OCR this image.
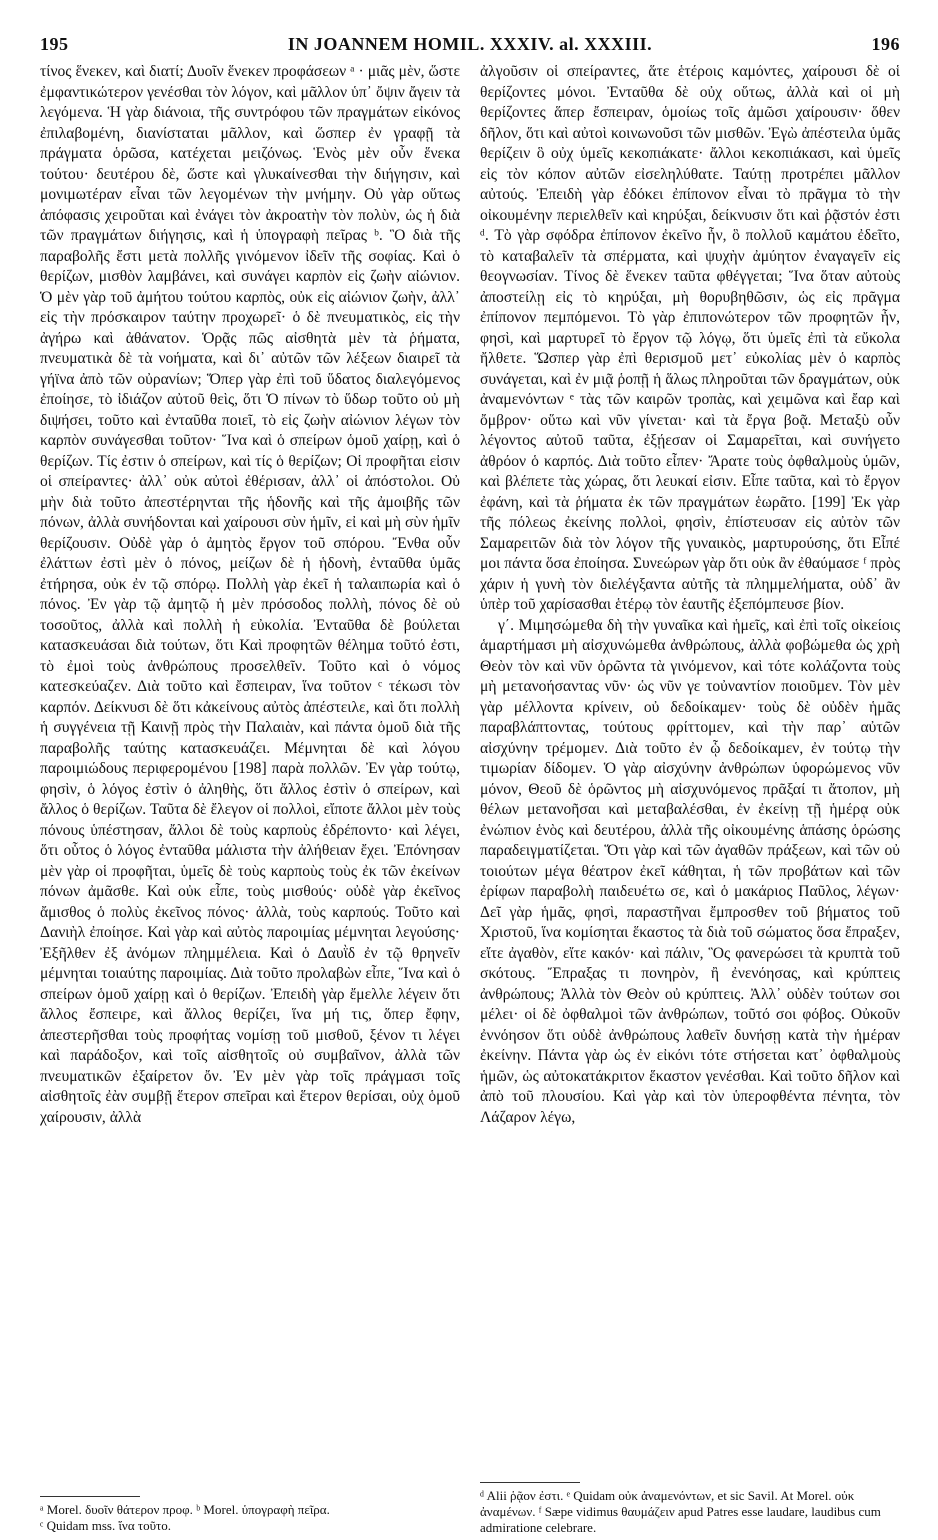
195	IN JOANNEM HOMIL. XXXIV. al. XXXIII.	196

τίνος ἕνεκεν, καὶ διατί; Δυοῖν ἕνεκεν προφάσεων ᵃ · μιᾶς μὲν, ὥστε ἐμφαντικώτερον γενέσθαι τὸν λόγον, καὶ μᾶλλον ὑπ᾽ ὄψιν ἄγειν τὰ λεγόμενα. Ἡ γὰρ διάνοια, τῆς συντρόφου τῶν πραγμάτων εἰκόνος ἐπιλαβομένη, διανίσταται μᾶλλον, καὶ ὥσπερ ἐν γραφῇ τὰ πράγματα ὁρῶσα, κατέχεται μειζόνως. Ἑνὸς μὲν οὖν ἕνεκα τούτου· δευτέρου δὲ, ὥστε καὶ γλυκαίνεσθαι τὴν διήγησιν, καὶ μονιμωτέραν εἶναι τῶν λεγομένων τὴν μνήμην. Οὐ γὰρ οὕτως ἀπόφασις χειροῦται καὶ ἐνάγει τὸν ἀκροατὴν τὸν πολὺν, ὡς ἡ διὰ τῶν πραγμάτων διήγησις, καὶ ἡ ὑπογραφὴ πεῖρας ᵇ. Ὃ διὰ τῆς παραβολῆς ἔστι μετὰ πολλῆς γινόμενον ἰδεῖν τῆς σοφίας. Καὶ ὁ θερίζων, μισθὸν λαμβάνει, καὶ συνάγει καρπὸν εἰς ζωὴν αἰώνιον. Ὁ μὲν γὰρ τοῦ ἀμήτου τούτου καρπὸς, οὐκ εἰς αἰώνιον ζωὴν, ἀλλ᾽ εἰς τὴν πρόσκαιρον ταύτην προχωρεῖ· ὁ δὲ πνευματικὸς, εἰς τὴν ἀγήρω καὶ ἀθάνατον. Ὁρᾷς πῶς αἰσθητὰ μὲν τὰ ῥήματα, πνευματικὰ δὲ τὰ νοήματα, καὶ δι᾽ αὐτῶν τῶν λέξεων διαιρεῖ τὰ γήϊνα ἀπὸ τῶν οὐρανίων; Ὅπερ γὰρ ἐπὶ τοῦ ὕδατος διαλεγόμενος ἐποίησε, τὸ ἰδιάζον αὐτοῦ θεὶς, ὅτι Ὁ πίνων τὸ ὕδωρ τοῦτο οὐ μὴ διψήσει, τοῦτο καὶ ἐνταῦθα ποιεῖ, τὸ εἰς ζωὴν αἰώνιον λέγων τὸν καρπὸν συνάγεσθαι τοῦτον· Ἵνα καὶ ὁ σπείρων ὁμοῦ χαίρῃ, καὶ ὁ θερίζων. Τίς ἐστιν ὁ σπείρων, καὶ τίς ὁ θερίζων; Οἱ προφῆται εἰσιν οἱ σπείραντες· ἀλλ᾽ οὐκ αὐτοὶ ἐθέρισαν, ἀλλ᾽ οἱ ἀπόστολοι. Οὐ μὴν διὰ τοῦτο ἀπεστέρηνται τῆς ἡδονῆς καὶ τῆς ἀμοιβῆς τῶν πόνων, ἀλλὰ συνήδονται καὶ χαίρουσι σὺν ἡμῖν, εἰ καὶ μὴ σὺν ἡμῖν θερίζουσιν. Οὐδὲ γὰρ ὁ ἀμητὸς ἔργον τοῦ σπόρου. Ἔνθα οὖν ἐλάττων ἐστὶ μὲν ὁ πόνος, μείζων δὲ ἡ ἡδονὴ, ἐνταῦθα ὑμᾶς ἐτήρησα, οὐκ ἐν τῷ σπόρῳ. Πολλὴ γὰρ ἐκεῖ ἡ ταλαιπωρία καὶ ὁ πόνος. Ἐν γὰρ τῷ ἀμητῷ ἡ μὲν πρόσοδος πολλὴ, πόνος δὲ οὐ τοσοῦτος, ἀλλὰ καὶ πολλὴ ἡ εὐκολία. Ἐνταῦθα δὲ βούλεται κατασκευάσαι διὰ τούτων, ὅτι Καὶ προφητῶν θέλημα τοῦτό ἐστι, τὸ ἐμοὶ τοὺς ἀνθρώπους προσελθεῖν. Τοῦτο καὶ ὁ νόμος κατεσκεύαζεν. Διὰ τοῦτο καὶ ἔσπειραν, ἵνα τοῦτον ᶜ τέκωσι τὸν καρπόν. Δείκνυσι δὲ ὅτι κἀκείνους αὐτὸς ἀπέστειλε, καὶ ὅτι πολλὴ ἡ συγγένεια τῇ Καινῇ πρὸς τὴν Παλαιὰν, καὶ πάντα ὁμοῦ διὰ τῆς παραβολῆς ταύτης κατασκευάζει. Μέμνηται δὲ καὶ λόγου παροιμιώδους περιφερομένου [198] παρὰ πολλῶν. Ἐν γὰρ τούτῳ, φησὶν, ὁ λόγος ἐστὶν ὁ ἀληθὴς, ὅτι ἄλλος ἐστὶν ὁ σπείρων, καὶ ἄλλος ὁ θερίζων. Ταῦτα δὲ ἔλεγον οἱ πολλοὶ, εἴποτε ἄλλοι μὲν τοὺς πόνους ὑπέστησαν, ἄλλοι δὲ τοὺς καρποὺς ἐδρέποντο· καὶ λέγει, ὅτι οὗτος ὁ λόγος ἐνταῦθα μάλιστα τὴν ἀλήθειαν ἔχει. Ἐπόνησαν μὲν γὰρ οἱ προφῆται, ὑμεῖς δὲ τοὺς καρποὺς τοὺς ἐκ τῶν ἐκείνων πόνων ἀμᾶσθε. Καὶ οὐκ εἶπε, τοὺς μισθούς· οὐδὲ γὰρ ἐκεῖνος ἄμισθος ὁ πολὺς ἐκεῖνος πόνος· ἀλλὰ, τοὺς καρπούς. Τοῦτο καὶ Δανιὴλ ἐποίησε. Καὶ γὰρ καὶ αὐτὸς παροιμίας μέμνηται λεγούσης· Ἐξῆλθεν ἐξ ἀνόμων πλημμέλεια. Καὶ ὁ Δαυῒδ ἐν τῷ θρηνεῖν μέμνηται τοιαύτης παροιμίας. Διὰ τοῦτο προλαβὼν εἶπε, Ἵνα καὶ ὁ σπείρων ὁμοῦ χαίρῃ καὶ ὁ θερίζων. Ἐπειδὴ γὰρ ἔμελλε λέγειν ὅτι ἄλλος ἔσπειρε, καὶ ἄλλος θερίζει, ἵνα μή τις, ὅπερ ἔφην, ἀπεστερῆσθαι τοὺς προφήτας νομίσῃ τοῦ μισθοῦ, ξένον τι λέγει καὶ παράδοξον, καὶ τοῖς αἰσθητοῖς οὐ συμβαῖνον, ἀλλὰ τῶν πνευματικῶν ἐξαίρετον ὄν. Ἐν μὲν γὰρ τοῖς πράγμασι τοῖς αἰσθητοῖς ἐὰν συμβῇ ἕτερον σπεῖραι καὶ ἕτερον θερίσαι, οὐχ ὁμοῦ χαίρουσιν, ἀλλὰ

ἀλγοῦσιν οἱ σπείραντες, ἅτε ἑτέροις καμόντες, χαίρουσι δὲ οἱ θερίζοντες μόνοι. Ἐνταῦθα δὲ οὐχ οὕτως, ἀλλὰ καὶ οἱ μὴ θερίζοντες ἅπερ ἔσπειραν, ὁμοίως τοῖς ἀμῶσι χαίρουσιν· ὅθεν δῆλον, ὅτι καὶ αὐτοὶ κοινωνοῦσι τῶν μισθῶν. Ἐγὼ ἀπέστειλα ὑμᾶς θερίζειν ὃ οὐχ ὑμεῖς κεκοπιάκατε· ἄλλοι κεκοπιάκασι, καὶ ὑμεῖς εἰς τὸν κόπον αὐτῶν εἰσεληλύθατε. Ταύτῃ προτρέπει μᾶλλον αὐτούς. Ἐπειδὴ γὰρ ἐδόκει ἐπίπονον εἶναι τὸ πρᾶγμα τὸ τὴν οἰκουμένην περιελθεῖν καὶ κηρύξαι, δείκνυσιν ὅτι καὶ ῥᾷστόν ἐστι ᵈ. Τὸ γὰρ σφόδρα ἐπίπονον ἐκεῖνο ἦν, ὃ πολλοῦ καμάτου ἐδεῖτο, τὸ καταβαλεῖν τὰ σπέρματα, καὶ ψυχὴν ἀμύητον ἐναγαγεῖν εἰς θεογνωσίαν. Τίνος δὲ ἕνεκεν ταῦτα φθέγγεται; Ἵνα ὅταν αὐτοὺς ἀποστείλῃ εἰς τὸ κηρύξαι, μὴ θορυβηθῶσιν, ὡς εἰς πρᾶγμα ἐπίπονον πεμπόμενοι. Τὸ γὰρ ἐπιπονώτερον τῶν προφητῶν ἦν, φησὶ, καὶ μαρτυρεῖ τὸ ἔργον τῷ λόγῳ, ὅτι ὑμεῖς ἐπὶ τὰ εὔκολα ἤλθετε. Ὥσπερ γὰρ ἐπὶ θερισμοῦ μετ᾽ εὐκολίας μὲν ὁ καρπὸς συνάγεται, καὶ ἐν μιᾷ ῥοπῇ ἡ ἅλως πληροῦται τῶν δραγμάτων, οὐκ ἀναμενόντων ᵉ τὰς τῶν καιρῶν τροπὰς, καὶ χειμῶνα καὶ ἔαρ καὶ ὄμβρον· οὕτω καὶ νῦν γίνεται· καὶ τὰ ἔργα βοᾷ. Μεταξὺ οὖν λέγοντος αὐτοῦ ταῦτα, ἐξῄεσαν οἱ Σαμαρεῖται, καὶ συνήγετο ἀθρόον ὁ καρπός. Διὰ τοῦτο εἶπεν· Ἄρατε τοὺς ὀφθαλμοὺς ὑμῶν, καὶ βλέπετε τὰς χώρας, ὅτι λευκαί εἰσιν. Εἶπε ταῦτα, καὶ τὸ ἔργον ἐφάνη, καὶ τὰ ῥήματα ἐκ τῶν πραγμάτων ἑωρᾶτο. [199] Ἐκ γὰρ τῆς πόλεως ἐκείνης πολλοὶ, φησὶν, ἐπίστευσαν εἰς αὐτὸν τῶν Σαμαρειτῶν διὰ τὸν λόγον τῆς γυναικὸς, μαρτυρούσης, ὅτι Εἶπέ μοι πάντα ὅσα ἐποίησα. Συνεώρων γὰρ ὅτι οὐκ ἂν ἐθαύμασε ᶠ πρὸς χάριν ἡ γυνὴ τὸν διελέγξαντα αὐτῆς τὰ πλημμελήματα, οὐδ᾽ ἂν ὑπὲρ τοῦ χαρίσασθαι ἑτέρῳ τὸν ἑαυτῆς ἐξεπόμπευσε βίον.

γ΄. Μιμησώμεθα δὴ τὴν γυναῖκα καὶ ἡμεῖς, καὶ ἐπὶ τοῖς οἰκείοις ἁμαρτήμασι μὴ αἰσχυνώμεθα ἀνθρώπους, ἀλλὰ φοβώμεθα ὡς χρὴ Θεὸν τὸν καὶ νῦν ὁρῶντα τὰ γινόμενον, καὶ τότε κολάζοντα τοὺς μὴ μετανοήσαντας νῦν· ὡς νῦν γε τοὐναντίον ποιοῦμεν. Τὸν μὲν γὰρ μέλλοντα κρίνειν, οὐ δεδοίκαμεν· τοὺς δὲ οὐδὲν ἡμᾶς παραβλάπτοντας, τούτους φρίττομεν, καὶ τὴν παρ᾽ αὐτῶν αἰσχύνην τρέμομεν. Διὰ τοῦτο ἐν ᾧ δεδοίκαμεν, ἐν τούτῳ τὴν τιμωρίαν δίδομεν. Ὁ γὰρ αἰσχύνην ἀνθρώπων ὑφορώμενος νῦν μόνον, Θεοῦ δὲ ὁρῶντος μὴ αἰσχυνόμενος πρᾶξαί τι ἄτοπον, μὴ θέλων μετανοῆσαι καὶ μεταβαλέσθαι, ἐν ἐκείνῃ τῇ ἡμέρᾳ οὐκ ἐνώπιον ἑνὸς καὶ δευτέρου, ἀλλὰ τῆς οἰκουμένης ἁπάσης ὁρώσης παραδειγματίζεται. Ὅτι γὰρ καὶ τῶν ἀγαθῶν πράξεων, καὶ τῶν οὐ τοιούτων μέγα θέατρον ἐκεῖ κάθηται, ἡ τῶν προβάτων καὶ τῶν ἐρίφων παραβολὴ παιδευέτω σε, καὶ ὁ μακάριος Παῦλος, λέγων· Δεῖ γὰρ ἡμᾶς, φησὶ, παραστῆναι ἔμπροσθεν τοῦ βήματος τοῦ Χριστοῦ, ἵνα κομίσηται ἕκαστος τὰ διὰ τοῦ σώματος ὅσα ἔπραξεν, εἴτε ἀγαθὸν, εἴτε κακόν· καὶ πάλιν, Ὃς φανερώσει τὰ κρυπτὰ τοῦ σκότους. Ἔπραξας τι πονηρὸν, ἢ ἐνενόησας, καὶ κρύπτεις ἀνθρώπους; Ἀλλὰ τὸν Θεὸν οὐ κρύπτεις. Ἀλλ᾽ οὐδὲν τούτων σοι μέλει· οἱ δὲ ὀφθαλμοὶ τῶν ἀνθρώπων, τοῦτό σοι φόβος. Οὐκοῦν ἐννόησον ὅτι οὐδὲ ἀνθρώπους λαθεῖν δυνήσῃ κατὰ τὴν ἡμέραν ἐκείνην. Πάντα γὰρ ὡς ἐν εἰκόνι τότε στήσεται κατ᾽ ὀφθαλμοὺς ἡμῶν, ὡς αὐτοκατάκριτον ἕκαστον γενέσθαι. Καὶ τοῦτο δῆλον καὶ ἀπὸ τοῦ πλουσίου. Καὶ γὰρ καὶ τὸν ὑπεροφθέντα πένητα, τὸν Λάζαρον λέγω,

ᵃ Morel. δυοῖν θάτερον προφ. ᵇ Morel. ὑπογραφὴ πεῖρα.
ᶜ Quidam mss. ἵνα τοῦτο.
ᵈ Alii ῥᾷον ἐστι. ᵉ Quidam οὐκ ἀναμενόντων, et sic Savil. At Morel. οὐκ ἀναμένων. ᶠ Sæpe vidimus θαυμάζειν apud Patres esse laudare, laudibus cum admiratione celebrare.
